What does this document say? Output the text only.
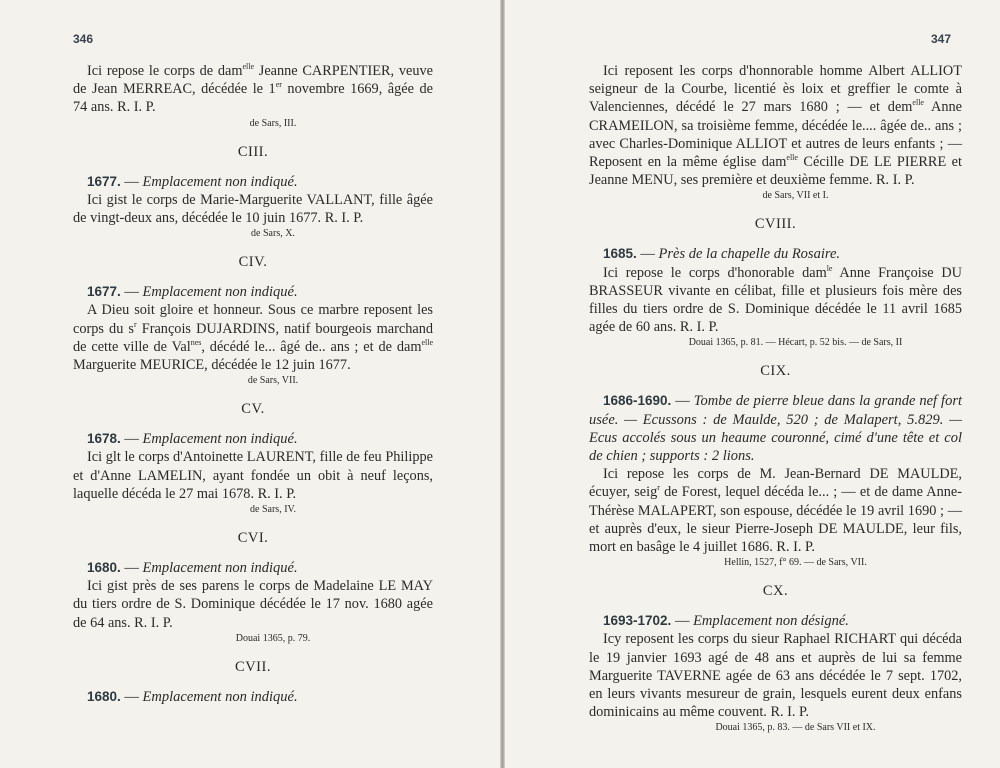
346

Ici repose le corps de dam$^{elle}$ Jeanne CARPENTIER, veuve de Jean MERREAC, décédée le 1er novembre 1669, âgée de 74 ans. R. I. P.

de Sars, III.
CIII.

1677. — Emplacement non indiqué.

Ici gist le corps de Marie-Marguerite VALLANT, fille âgée de vingt-deux ans, décédée le 10 juin 1677. R. I. P.

de Sars, X.
CIV.

1677. — Emplacement non indiqué.

A Dieu soit gloire et honneur. Sous ce marbre reposent les corps du $s^r$ François DUJARDINS, natif bourgeois marchand de cette ville de Val$^{nes}$, décédé le... âgé de.. ans ; et de dam$^{elle}$ Marguerite MEURICE, décédée le 12 juin 1677.

de Sars, VII.
CV.

1678. — Emplacement non indiqué.

Ici glt le corps d'Antoinette LAURENT, fille de feu Philippe et d'Anne LAMELIN, ayant fondée un obit à neuf leçons, laquelle décéda le 27 mai 1678. R. I. P.

de Sars, IV.
CVI.

1680. — Emplacement non indiqué.

Ici gist près de ses parens le corps de Madelaine LE MAY du tiers ordre de S. Dominique décédée le 17 nov. 1680 agée de 64 ans. R. I. P.

Douai 1365, p. 79.
CVII.

1680. — Emplacement non indiqué.

347

Ici reposent les corps d'honnorable homme Albert ALLIOT seigneur de la Courbe, licentié ès loix et greffier le comte à Valenciennes, décédé le 27 mars 1680 ; — et dem$^{elle}$ Anne CRAMEILON, sa troisième femme, décédée le.... âgée de.. ans ; avec Charles-Dominique ALLIOT et autres de leurs enfants ; — Reposent en la même église dam$^{elle}$ Cécille DE LE PIERRE et Jeanne MENU, ses première et deuxième femme. R. I. P.

de Sars, VII et I.
CVIII.

1685. — Près de la chapelle du Rosaire.

Ici repose le corps d'honorable dam$^{le}$ Anne Françoise DU BRASSEUR vivante en célibat, fille et plusieurs fois mère des filles du tiers ordre de S. Dominique décédée le 11 avril 1685 agée de 60 ans. R. I. P.

Douai 1365, p. 81. — Hécart, p. 52 bis. — de Sars, II
CIX.

1686-1690. — Tombe de pierre bleue dans la grande nef fort usée. — Ecussons : de Maulde, 520 ; de Malapert, 5.829. — Ecus accolés sous un heaume couronné, cimé d'une tête et col de chien ; supports : 2 lions.

Ici repose les corps de M. Jean-Bernard DE MAULDE, écuyer, seig$^r$ de Forest, lequel décéda le... ; — et de dame Anne-Thérèse MALAPERT, son espouse, décédée le 19 avril 1690 ; — et auprès d'eux, le sieur Pierre-Joseph DE MAULDE, leur fils, mort en basâge le 4 juillet 1686. R. I. P.

Hellin, 1527, f° 69. — de Sars, VII.
CX.

1693-1702. — Emplacement non désigné.

Icy reposent les corps du sieur Raphael RICHART qui décéda le 19 janvier 1693 agé de 48 ans et auprès de lui sa femme Marguerite TAVERNE agée de 63 ans décédée le 7 sept. 1702, en leurs vivants mesureur de grain, lesquels eurent deux enfans dominicains au même couvent. R. I. P.

Douai 1365, p. 83. — de Sars VII et IX.
